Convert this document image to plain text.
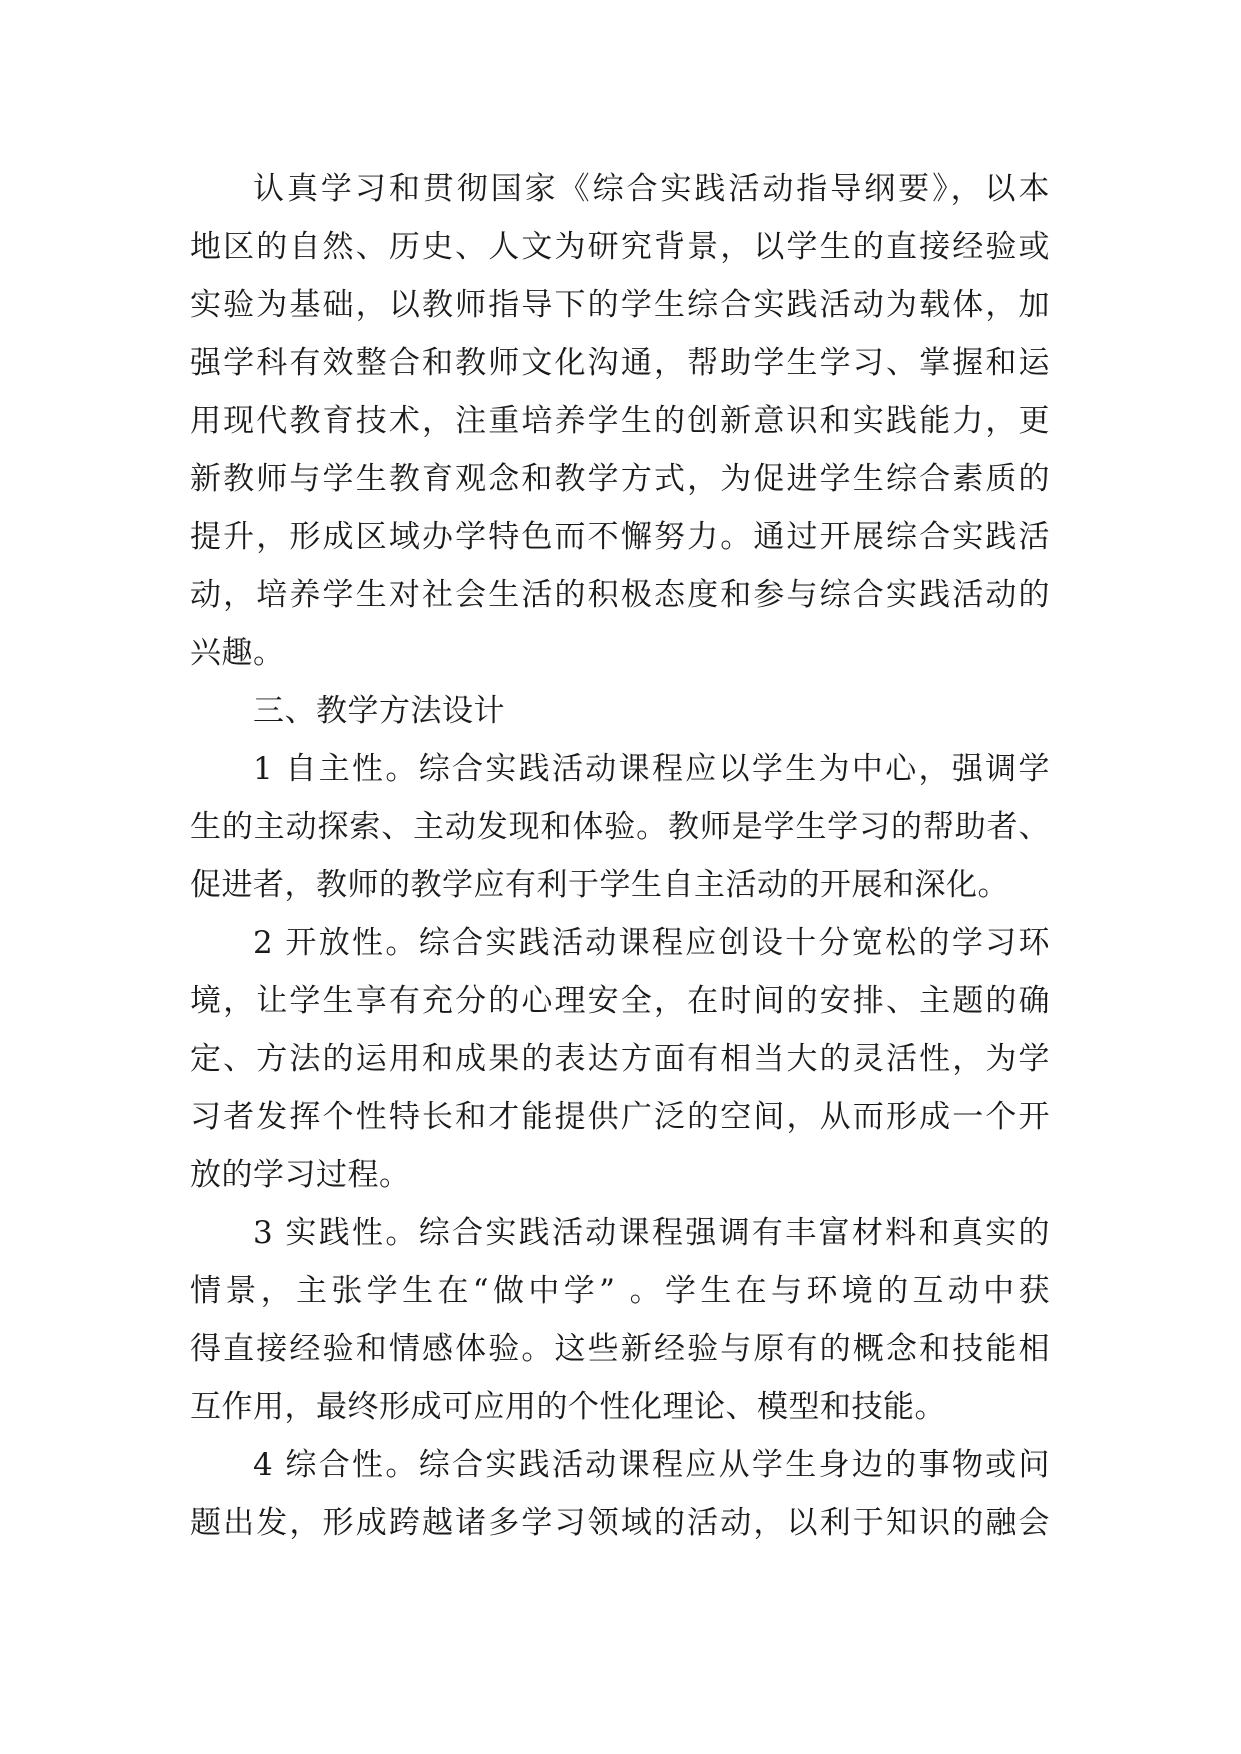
认真学习和贯彻国家《综合实践活动指导纲要》，以本
地区的自然、历史、人文为研究背景，以学生的直接经验或
实验为基础，以教师指导下的学生综合实践活动为载体，加
强学科有效整合和教师文化沟通，帮助学生学习、掌握和运
用现代教育技术，注重培养学生的创新意识和实践能力，更
新教师与学生教育观念和教学方式，为促进学生综合素质的
提升，形成区域办学特色而不懈努力。通过开展综合实践活
动，培养学生对社会生活的积极态度和参与综合实践活动的
兴趣。
三、教学方法设计
1 自主性。综合实践活动课程应以学生为中心，强调学
生的主动探索、主动发现和体验。教师是学生学习的帮助者、
促进者，教师的教学应有利于学生自主活动的开展和深化。
2 开放性。综合实践活动课程应创设十分宽松的学习环
境，让学生享有充分的心理安全，在时间的安排、主题的确
定、方法的运用和成果的表达方面有相当大的灵活性，为学
习者发挥个性特长和才能提供广泛的空间，从而形成一个开
放的学习过程。
3 实践性。综合实践活动课程强调有丰富材料和真实的
情景，主张学生在“做中学” 。学生在与环境的互动中获
得直接经验和情感体验。这些新经验与原有的概念和技能相
互作用，最终形成可应用的个性化理论、模型和技能。
4 综合性。综合实践活动课程应从学生身边的事物或问
题出发，形成跨越诸多学习领域的活动，以利于知识的融会
